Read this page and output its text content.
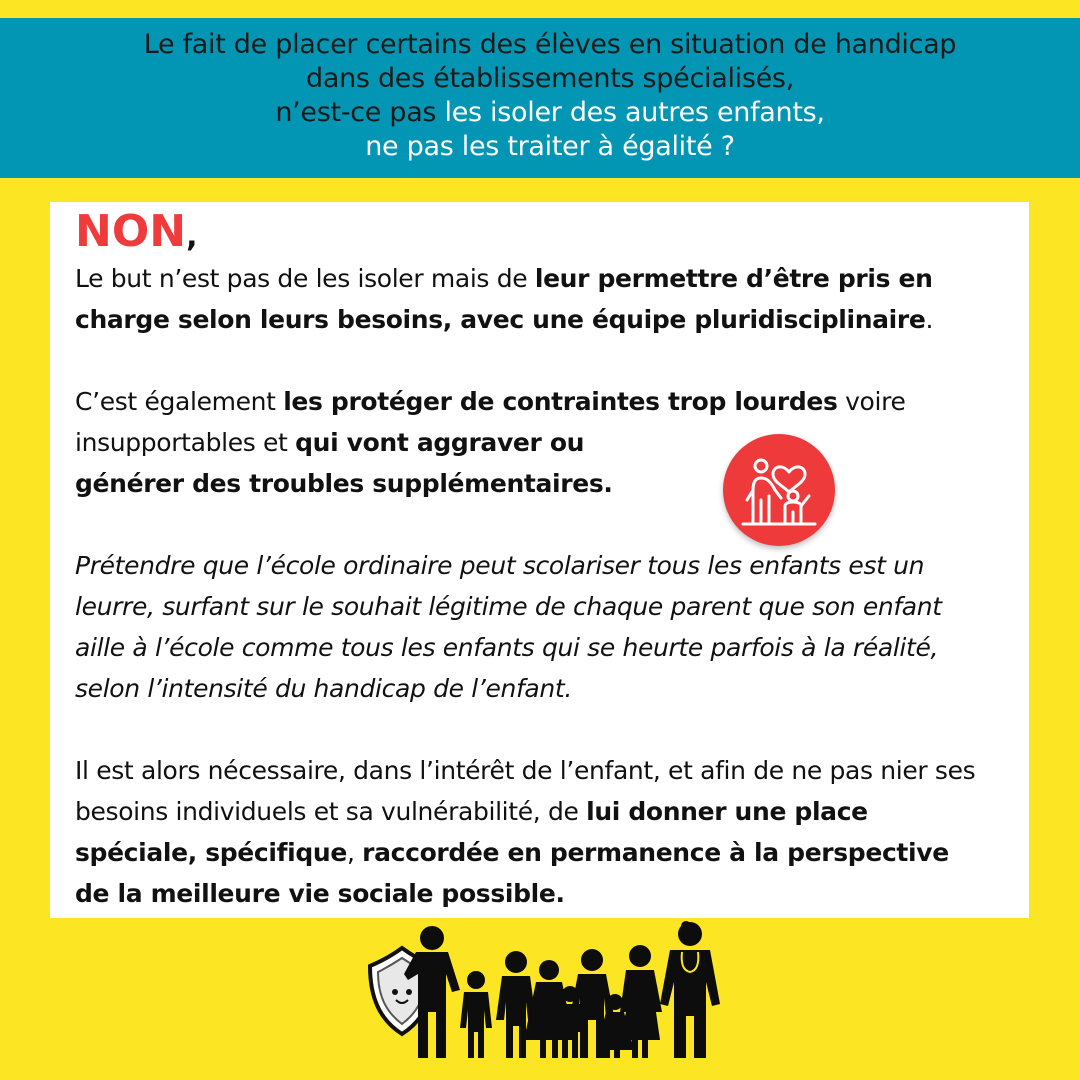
Le fait de placer certains des élèves en situation de handicap
dans des établissements spécialisés,
n’est-ce pas les isoler des autres enfants,
ne pas les traiter à égalité ?
NON,
Le but n’est pas de les isoler mais de leur permettre d’être pris en charge selon leurs besoins, avec une équipe pluridisciplinaire.
C’est également les protéger de contraintes trop lourdes voire
insupportables et qui vont aggraver ou
générer des troubles supplémentaires.
Prétendre que l’école ordinaire peut scolariser tous les enfants est un leurre, surfant sur le souhait légitime de chaque parent que son enfant aille à l’école comme tous les enfants qui se heurte parfois à la réalité, selon l’intensité du handicap de l’enfant.
Il est alors nécessaire, dans l’intérêt de l’enfant, et afin de ne pas nier ses besoins individuels et sa vulnérabilité, de lui donner une place spéciale, spécifique, raccordée en permanence à la perspective de la meilleure vie sociale possible.
